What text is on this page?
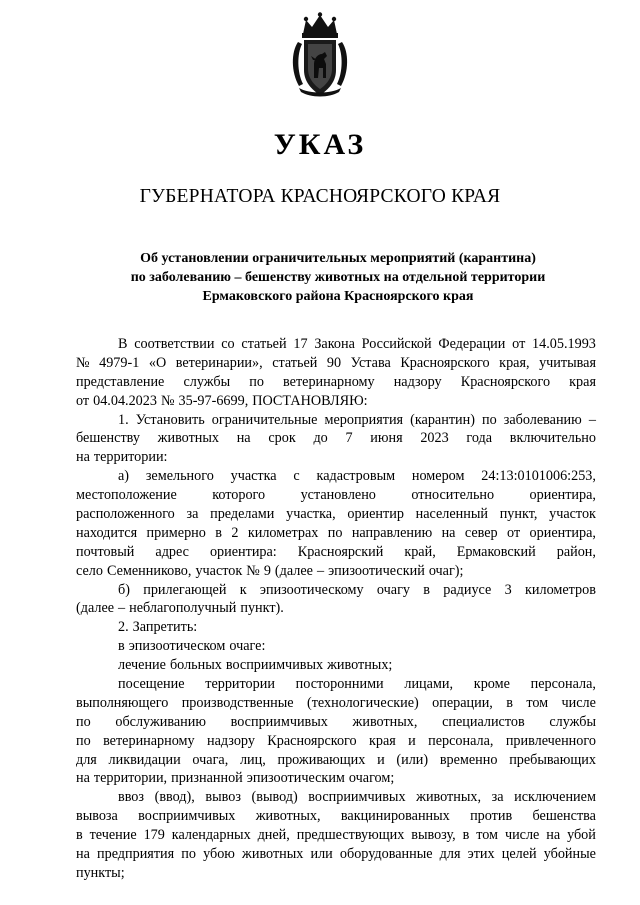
УКАЗ
ГУБЕРНАТОРА КРАСНОЯРСКОГО КРАЯ
Об установлении ограничительных мероприятий (карантина)
по заболеванию – бешенству животных на отдельной территории
Ермаковского района Красноярского края
В соответствии со статьей 17 Закона Российской Федерации от 14.05.1993
№ 4979-1 «О ветеринарии», статьей 90 Устава Красноярского края, учитывая
представление службы по ветеринарному надзору Красноярского края
от 04.04.2023 № 35-97-6699, ПОСТАНОВЛЯЮ:
1. Установить ограничительные мероприятия (карантин) по заболеванию –
бешенству животных на срок до 7 июня 2023 года включительно
на территории:
а) земельного участка с кадастровым номером 24:13:0101006:253,
местоположение которого установлено относительно ориентира,
расположенного за пределами участка, ориентир населенный пункт, участок
находится примерно в 2 километрах по направлению на север от ориентира,
почтовый адрес ориентира: Красноярский край, Ермаковский район,
село Семенниково, участок № 9 (далее – эпизоотический очаг);
б) прилегающей к эпизоотическому очагу в радиусе 3 километров
(далее – неблагополучный пункт).
2. Запретить:
в эпизоотическом очаге:
лечение больных восприимчивых животных;
посещение территории посторонними лицами, кроме персонала,
выполняющего производственные (технологические) операции, в том числе
по обслуживанию восприимчивых животных, специалистов службы
по ветеринарному надзору Красноярского края и персонала, привлеченного
для ликвидации очага, лиц, проживающих и (или) временно пребывающих
на территории, признанной эпизоотическим очагом;
ввоз (ввод), вывоз (вывод) восприимчивых животных, за исключением
вывоза восприимчивых животных, вакцинированных против бешенства
в течение 179 календарных дней, предшествующих вывозу, в том числе на убой
на предприятия по убою животных или оборудованные для этих целей убойные
пункты;
